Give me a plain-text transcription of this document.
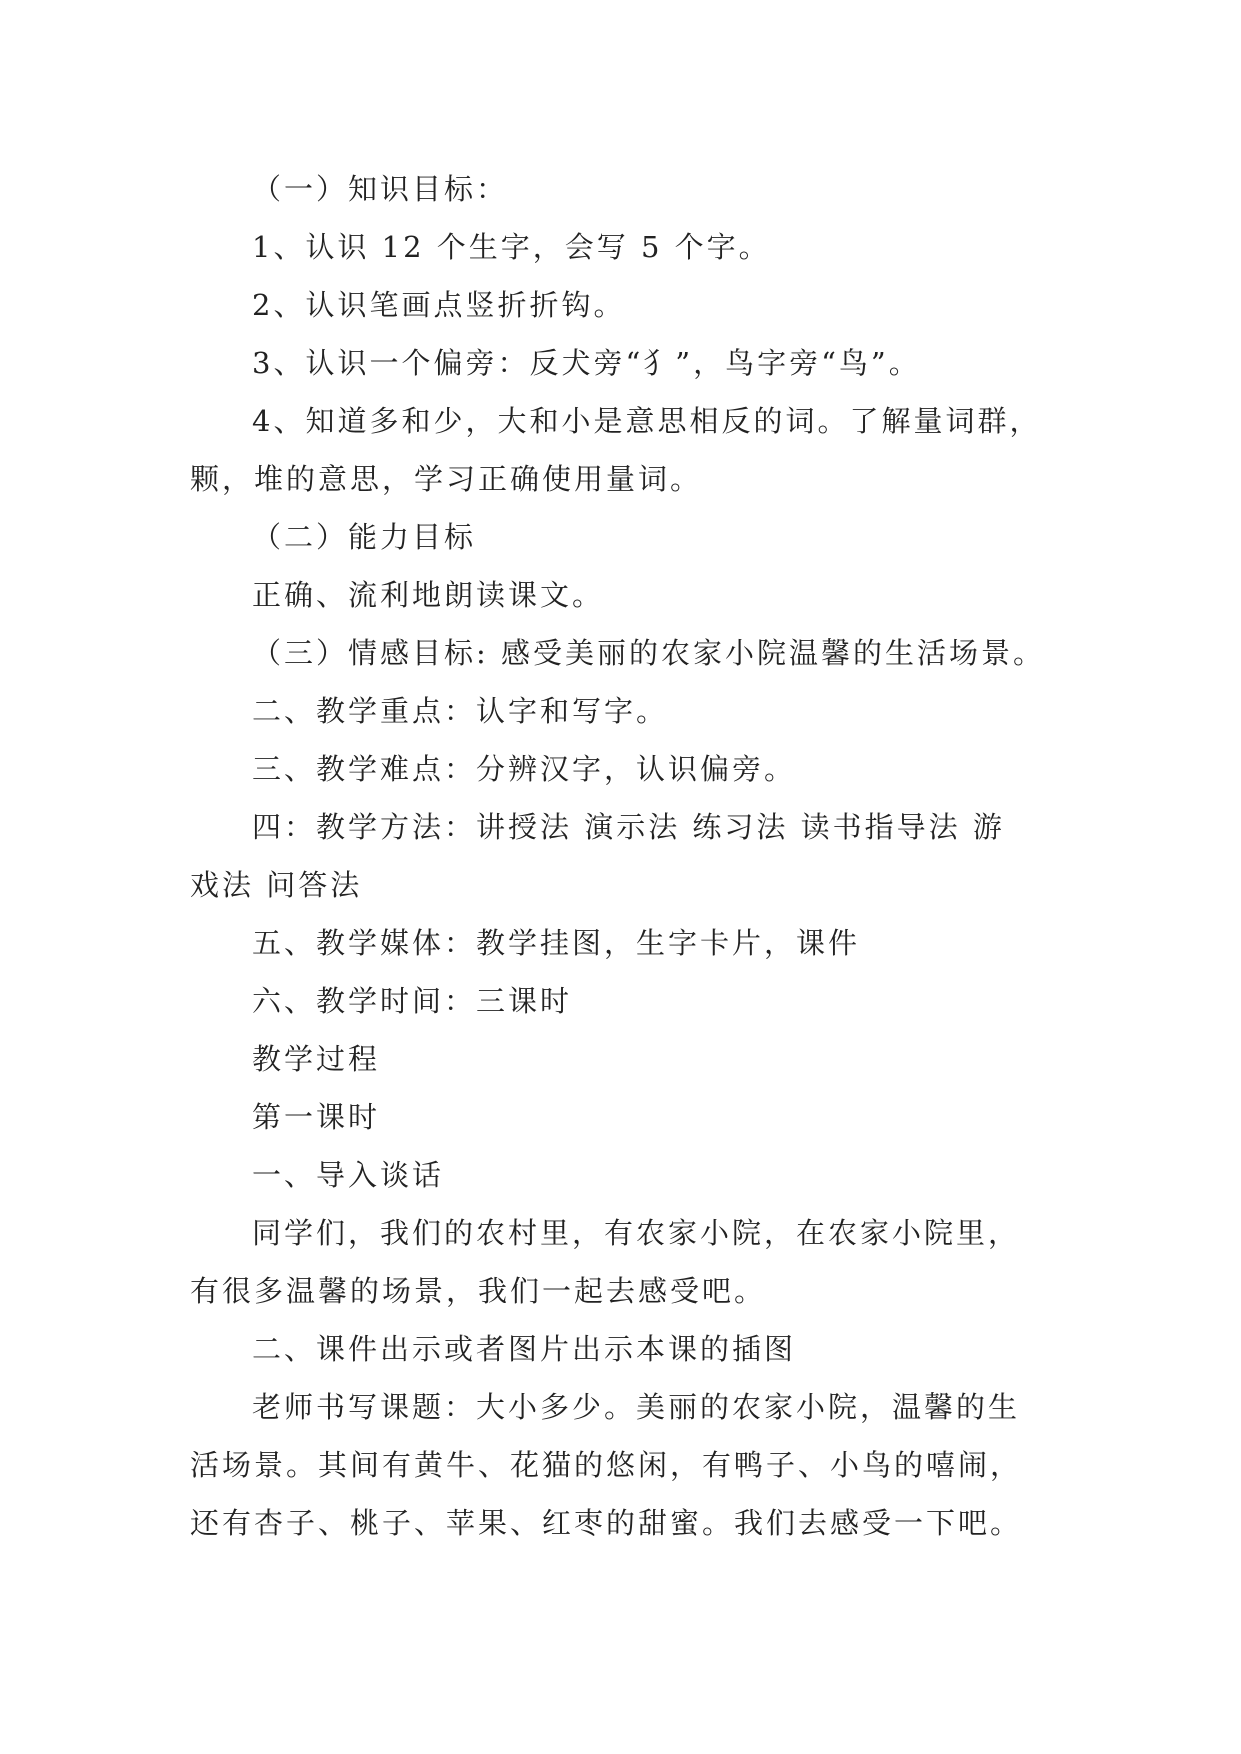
（一）知识目标：

1、认识 12 个生字，会写 5 个字。

2、认识笔画点竖折折钩。

3、认识一个偏旁：反犬旁“犭”，鸟字旁“鸟”。

4、知道多和少，大和小是意思相反的词。了解量词群，

颗，堆的意思，学习正确使用量词。

（二）能力目标

正确、流利地朗读课文。

（三）情感目标: 感受美丽的农家小院温馨的生活场景。

二、教学重点：认字和写字。

三、教学难点：分辨汉字，认识偏旁。

四：教学方法：讲授法 演示法 练习法 读书指导法 游

戏法 问答法

五、教学媒体：教学挂图，生字卡片，课件

六、教学时间：三课时

教学过程

第一课时

一、导入谈话

同学们，我们的农村里，有农家小院，在农家小院里，

有很多温馨的场景，我们一起去感受吧。

二、课件出示或者图片出示本课的插图

老师书写课题：大小多少。美丽的农家小院，温馨的生

活场景。其间有黄牛、花猫的悠闲，有鸭子、小鸟的嘻闹，

还有杏子、桃子、苹果、红枣的甜蜜。我们去感受一下吧。
